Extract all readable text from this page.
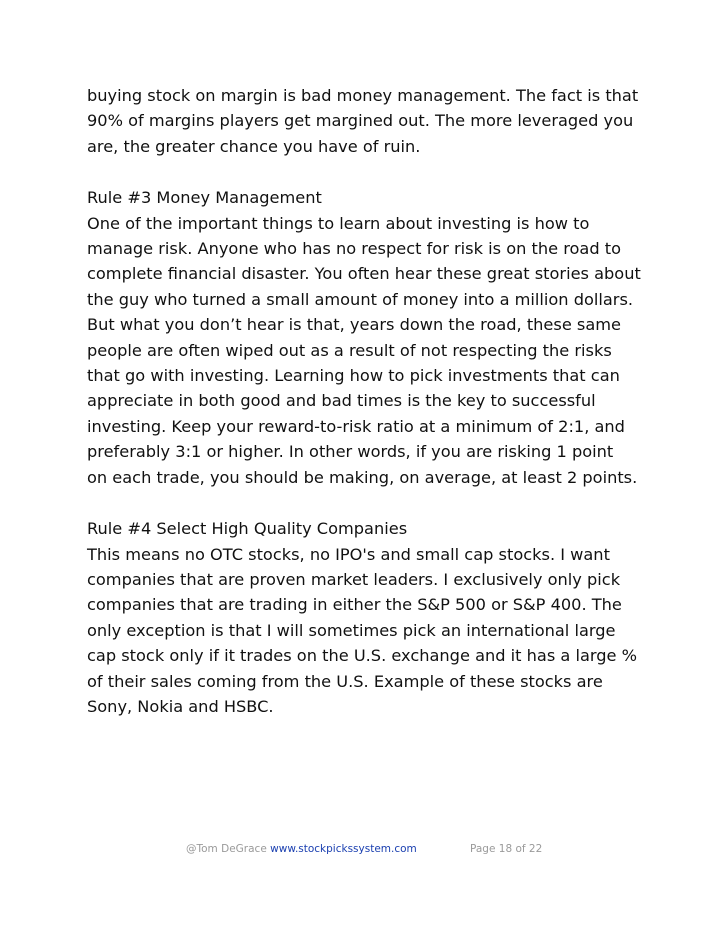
buying stock on margin is bad money management. The fact is that
90% of margins players get margined out. The more leveraged you
are, the greater chance you have of ruin.

Rule #3 Money Management

One of the important things to learn about investing is how to
manage risk. Anyone who has no respect for risk is on the road to
complete financial disaster. You often hear these great stories about
the guy who turned a small amount of money into a million dollars.
But what you don’t hear is that, years down the road, these same
people are often wiped out as a result of not respecting the risks
that go with investing. Learning how to pick investments that can
appreciate in both good and bad times is the key to successful
investing. Keep your reward-to-risk ratio at a minimum of 2:1, and
preferably 3:1 or higher. In other words, if you are risking 1 point
on each trade, you should be making, on average, at least 2 points.

Rule #4 Select High Quality Companies

This means no OTC stocks, no IPO's and small cap stocks. I want
companies that are proven market leaders. I exclusively only pick
companies that are trading in either the S&P 500 or S&P 400. The
only exception is that I will sometimes pick an international large
cap stock only if it trades on the U.S. exchange and it has a large %
of their sales coming from the U.S. Example of these stocks are
Sony, Nokia and HSBC.

@Tom DeGrace www.stockpickssystem.com	Page 18 of 22
